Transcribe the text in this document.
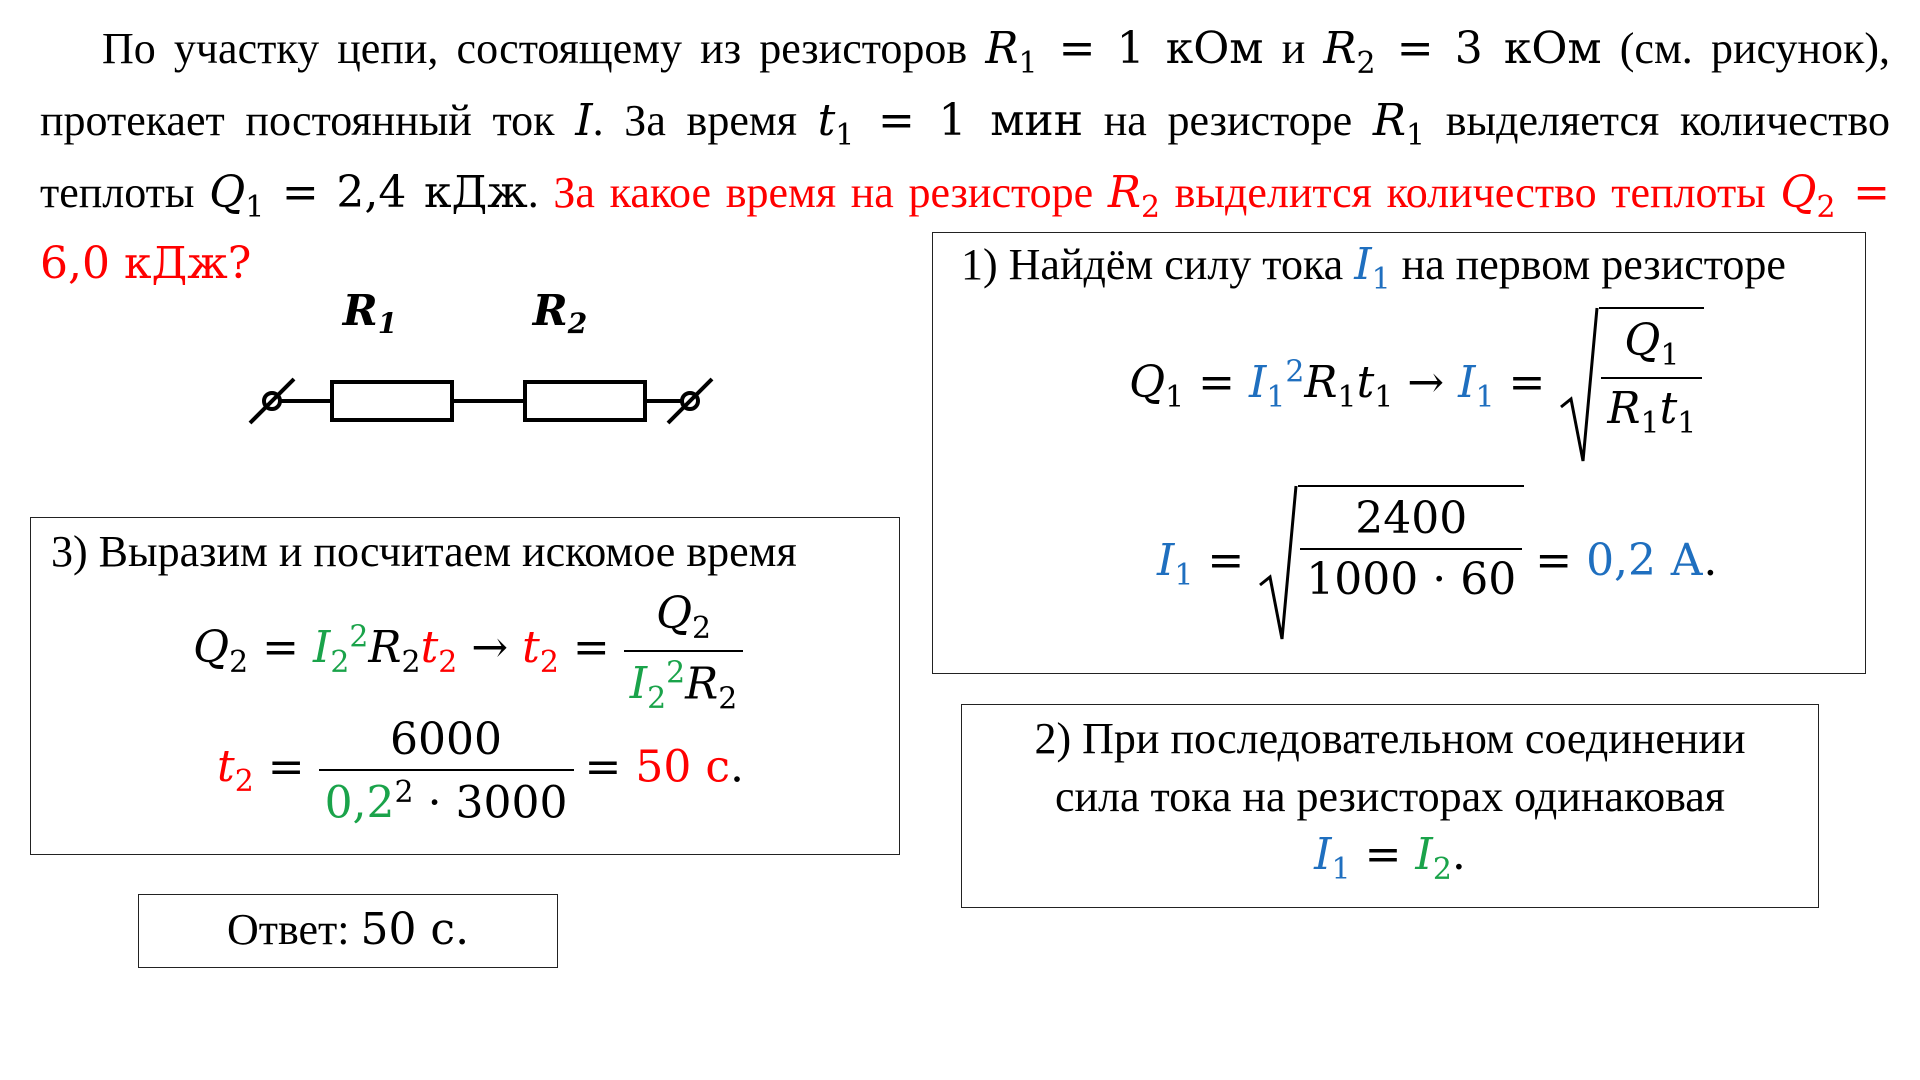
По участку цепи, состоящему из резисторов $R_1 = 1$ кОм и $R_2 = 3$ кОм (см. рисунок), протекает постоянный ток I. За время $t_1 = 1$ мин на резисторе $R_1$ выделяется количество теплоты $Q_1 = 2,4$ кДж. За какое время на резисторе $R_2$ выделится количество теплоты $Q_2 = 6,0$ кДж?
R1	R2
1) Найдём силу тока $I_1$ на первом резисторе
$Q_1 = I_1^2R_1t_1 \to I_1 = \frac{Q_1}{R_1t_1}$
$I_1 = \frac{2400}{1000 \cdot 60} = 0,2$ А.
2) При последовательном соединении
сила тока на резисторах одинаковая
$I_1 = I_2$.
3) Выразим и посчитаем искомое время
$Q_2 = I_2^2R_2t_2 \to t_2 = \frac{Q_2}{I_2^2R_2}$
$t_2 = \frac{6000}{0,2^2 \cdot 3000} = 50$ с.
Ответ: 50 с.
